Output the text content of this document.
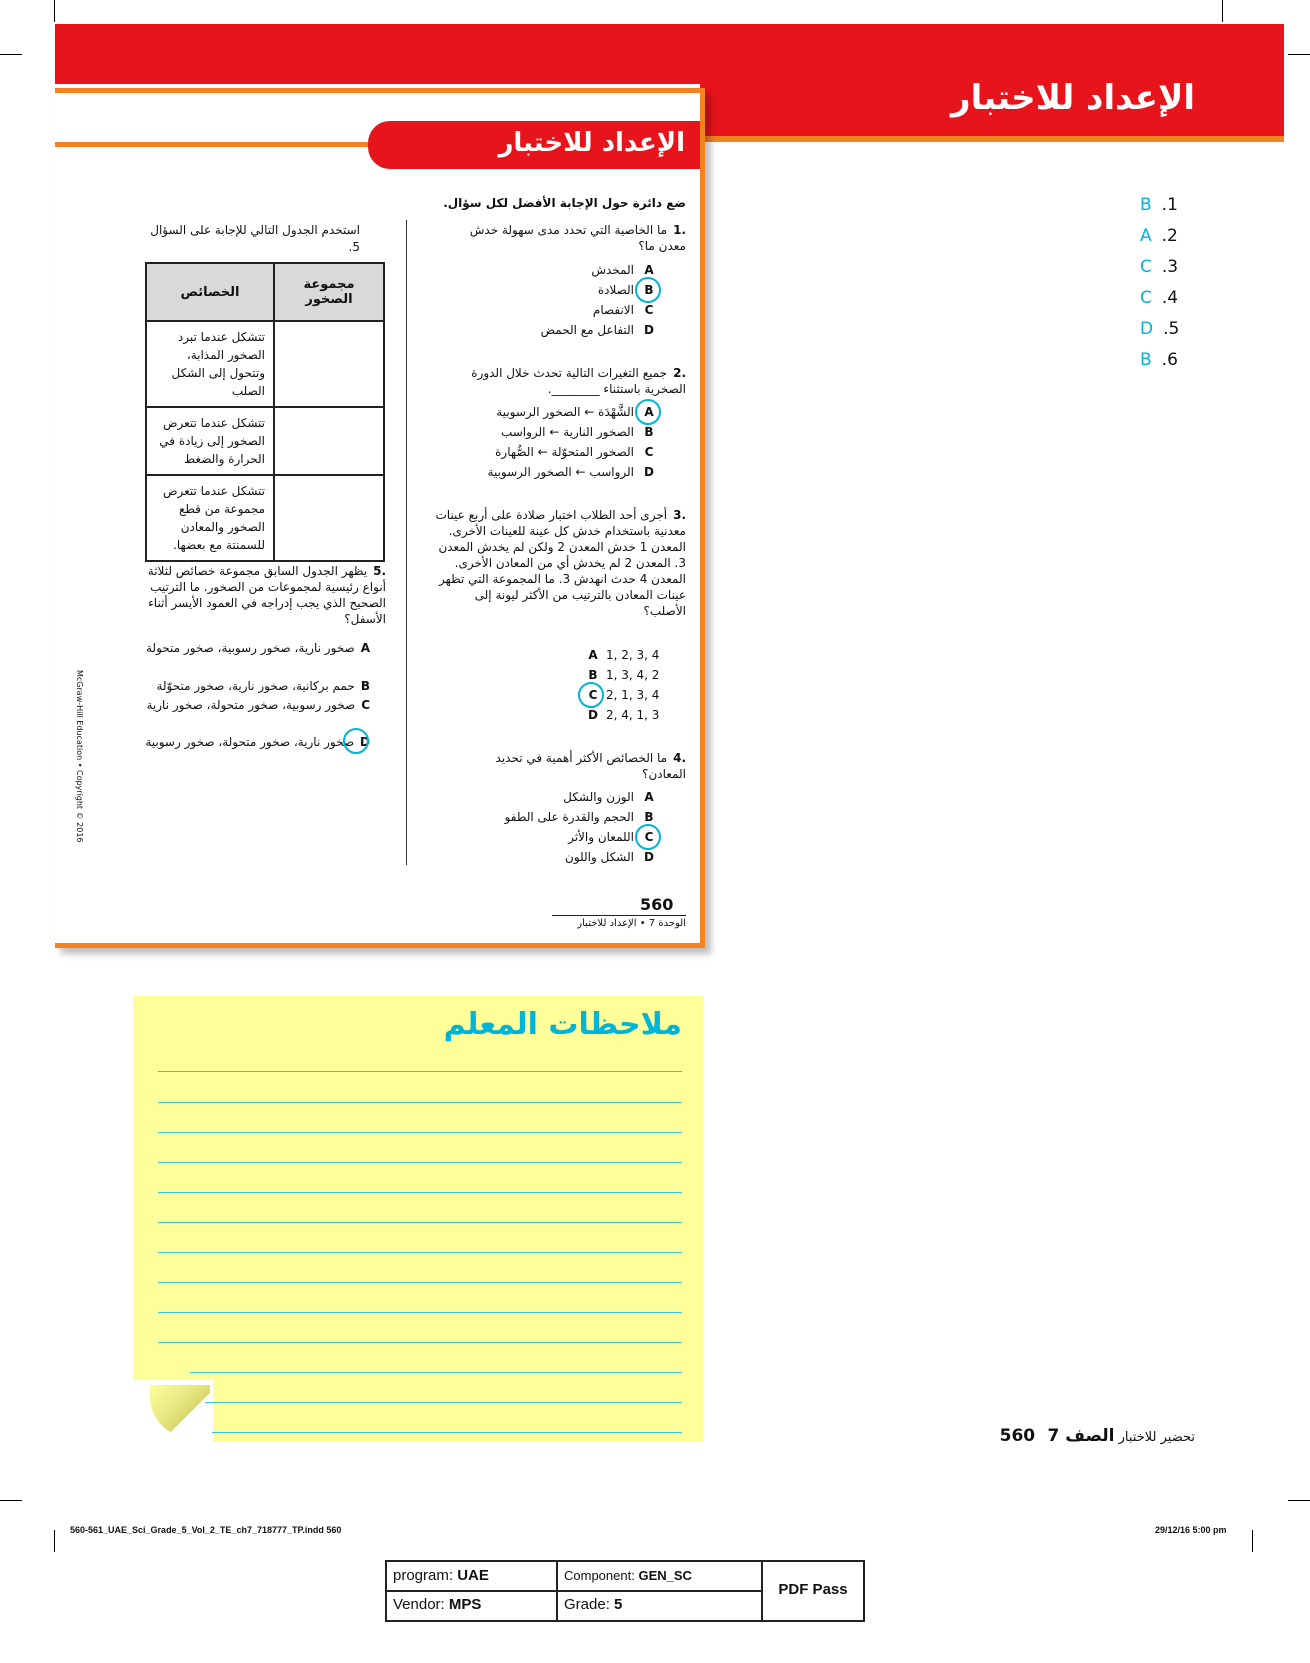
الإعداد للاختبار
الإعداد للاختبار
ضع دائرة حول الإجابة الأفضل لكل سؤال.
.1ما الخاصية التي تحدد مدى سهولة خدش معدن ما؟
Aالمخدش
Bالصلادة
Cالانفصام
Dالتفاعل مع الحمض
.2جميع التغيرات التالية تحدث خلال الدورة الصخرية باستثناء ________.
Aالشَّهْدَة ← الصخور الرسوبية
Bالصخور النارية ← الرواسب
Cالصخور المتحوّلة ← الصُّهارة
Dالرواسب ← الصخور الرسوبية
.3أجرى أحد الطلاب اختبار صلادة على أربع عينات معدنية باستخدام خدش كل عينة للعينات الأخرى. المعدن 1 خدش المعدن 2 ولكن لم يخدش المعدن 3. المعدن 2 لم يخدش أي من المعادن الأخرى. المعدن 4 حدث انهدش 3. ما المجموعة التي تظهر عينات المعادن بالترتيب من الأكثر ليونة إلى الأصلب؟
A 1, 2, 3, 4
B 1, 3, 4, 2
C 2, 1, 3, 4
D 2, 4, 1, 3
.4ما الخصائص الأكثر أهمية في تحديد المعادن؟
Aالوزن والشكل
Bالحجم والقدرة على الطفو
Cاللمعان والأثر
Dالشكل واللون
استخدم الجدول التالي للإجابة على السؤال 5.
مجموعة الصخور	الخصائص
	تتشكل عندما تبرد الصخور المذابة، وتتحول إلى الشكل الصلب
	تتشكل عندما تتعرض الصخور إلى زيادة في الحرارة والضغط
	تتشكل عندما تتعرض مجموعة من قطع الصخور والمعادن للسمنتة مع بعضها.
.5يظهر الجدول السابق مجموعة خصائص لثلاثة أنواع رئيسية لمجموعات من الصخور. ما الترتيب الصحيح الذي يجب إدراجه في العمود الأيسر أثناء الأسفل؟
Aصخور نارية، صخور رسوبية، صخور متحولة
Bحمم بركانية، صخور نارية، صخور متحوّلة
Cصخور رسوبية، صخور متحولة، صخور نارية
Dصخور نارية، صخور متحولة، صخور رسوبية
McGraw-Hill Education • Copyright © 2016
560
الوحدة 7 • الإعداد للاختبار
B .1
A .2
C .3
C .4
D .5
B .6
ملاحظات المعلم
تحضير للاختبار الصف 7   560
560-561_UAE_Sci_Grade_5_Vol_2_TE_ch7_718777_TP.indd 560	29/12/16 5:00 pm
program: UAE	Component: GEN_SC
Vendor: MPS	Grade: 5
PDF Pass
